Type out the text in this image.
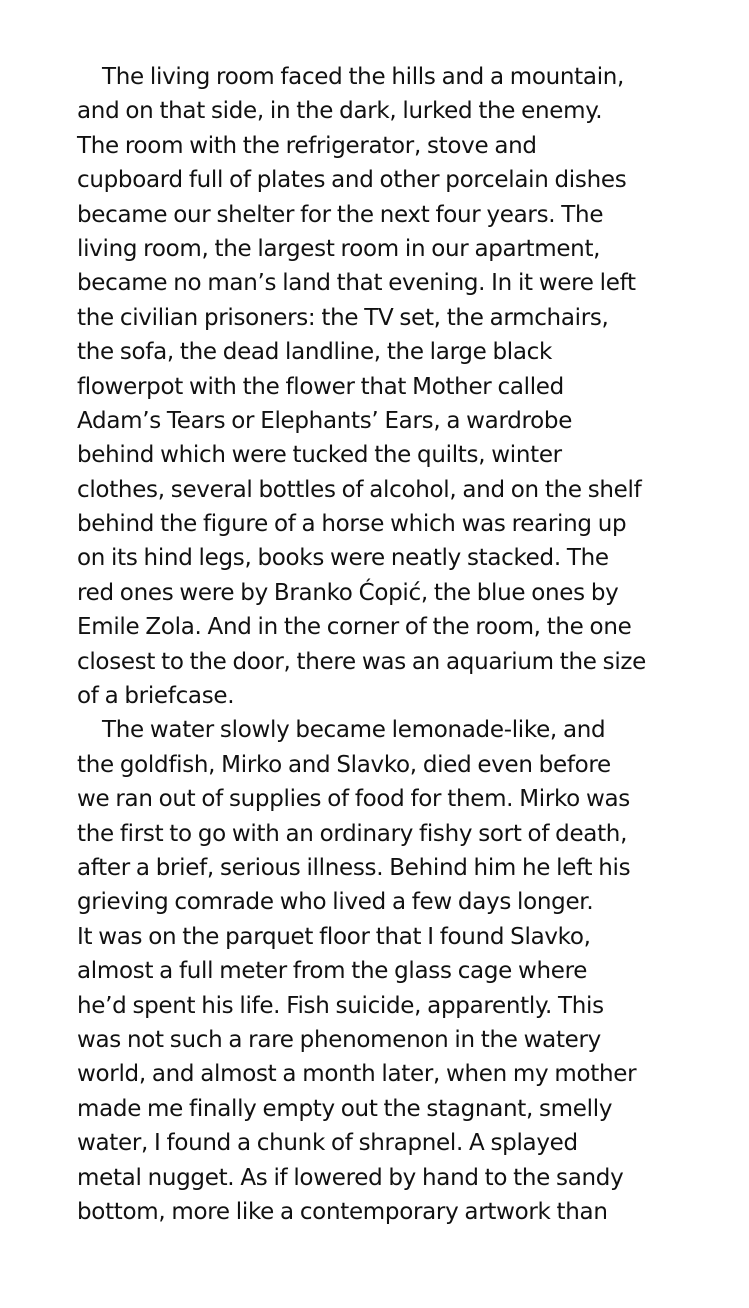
The living room faced the hills and a mountain,
and on that side, in the dark, lurked the enemy.
The room with the refrigerator, stove and
cupboard full of plates and other porcelain dishes
became our shelter for the next four years. The
living room, the largest room in our apartment,
became no man’s land that evening. In it were left
the civilian prisoners: the TV set, the armchairs,
the sofa, the dead landline, the large black
flowerpot with the flower that Mother called
Adam’s Tears or Elephants’ Ears, a wardrobe
behind which were tucked the quilts, winter
clothes, several bottles of alcohol, and on the shelf
behind the figure of a horse which was rearing up
on its hind legs, books were neatly stacked. The
red ones were by Branko Ćopić, the blue ones by
Emile Zola. And in the corner of the room, the one
closest to the door, there was an aquarium the size
of a briefcase.
The water slowly became lemonade-like, and
the goldfish, Mirko and Slavko, died even before
we ran out of supplies of food for them. Mirko was
the first to go with an ordinary fishy sort of death,
after a brief, serious illness. Behind him he left his
grieving comrade who lived a few days longer.
It was on the parquet floor that I found Slavko,
almost a full meter from the glass cage where
he’d spent his life. Fish suicide, apparently. This
was not such a rare phenomenon in the watery
world, and almost a month later, when my mother
made me finally empty out the stagnant, smelly
water, I found a chunk of shrapnel. A splayed
metal nugget. As if lowered by hand to the sandy
bottom, more like a contemporary artwork than
